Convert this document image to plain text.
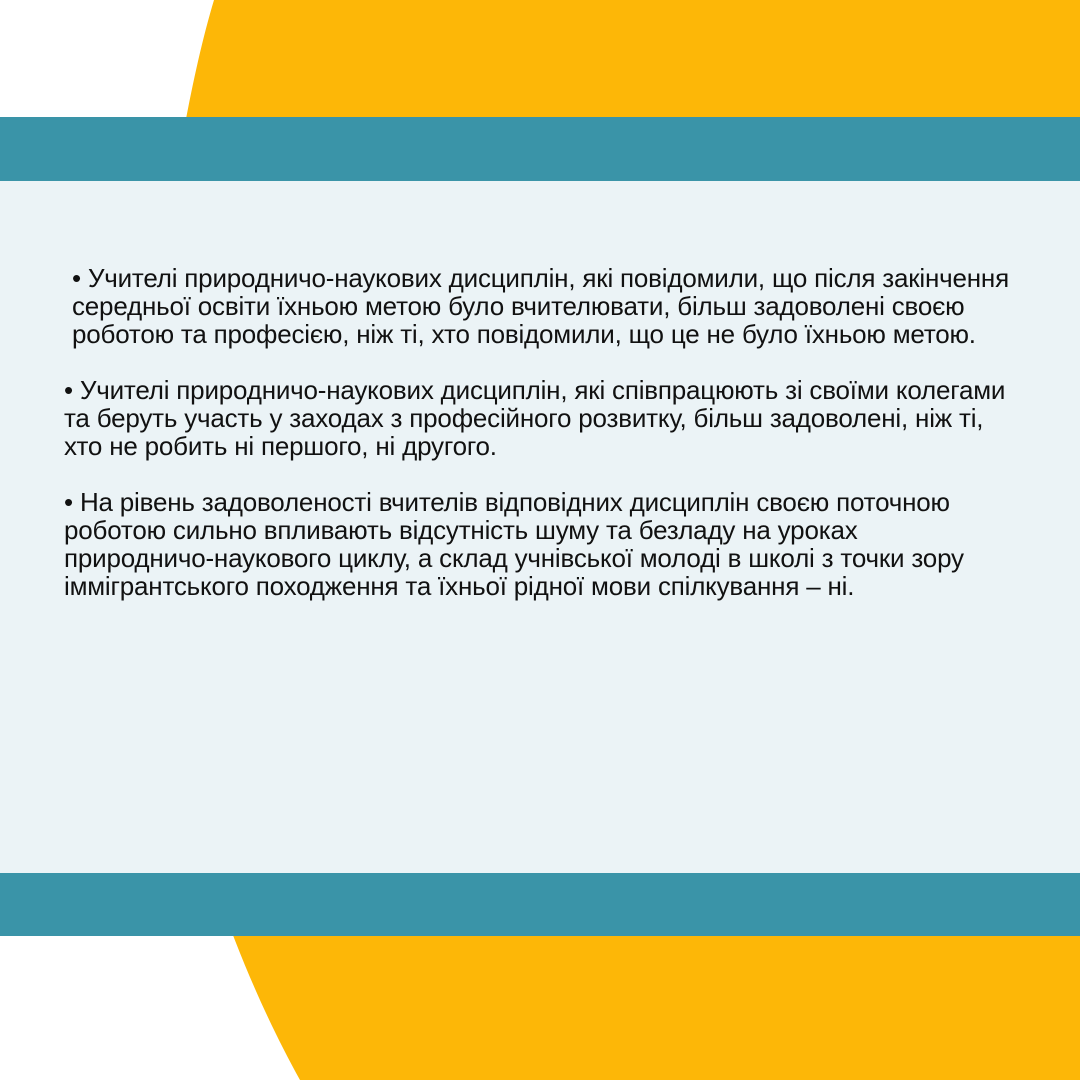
• Учителі природничо-наукових дисциплін, які повідомили, що після закінчення середньої освіти їхньою метою було вчителювати, більш задоволені своєю роботою та професією, ніж ті, хто повідомили, що це не було їхньою метою.

• Учителі природничо-наукових дисциплін, які співпрацюють зі своїми колегами та беруть участь у заходах з професійного розвитку, більш задоволені, ніж ті, хто не робить ні першого, ні другого.

• На рівень задоволеності вчителів відповідних дисциплін своєю поточною роботою сильно впливають відсутність шуму та безладу на уроках природничо-наукового циклу, а склад учнівської молоді в школі з точки зору іммігрантського походження та їхньої рідної мови спілкування – ні.
